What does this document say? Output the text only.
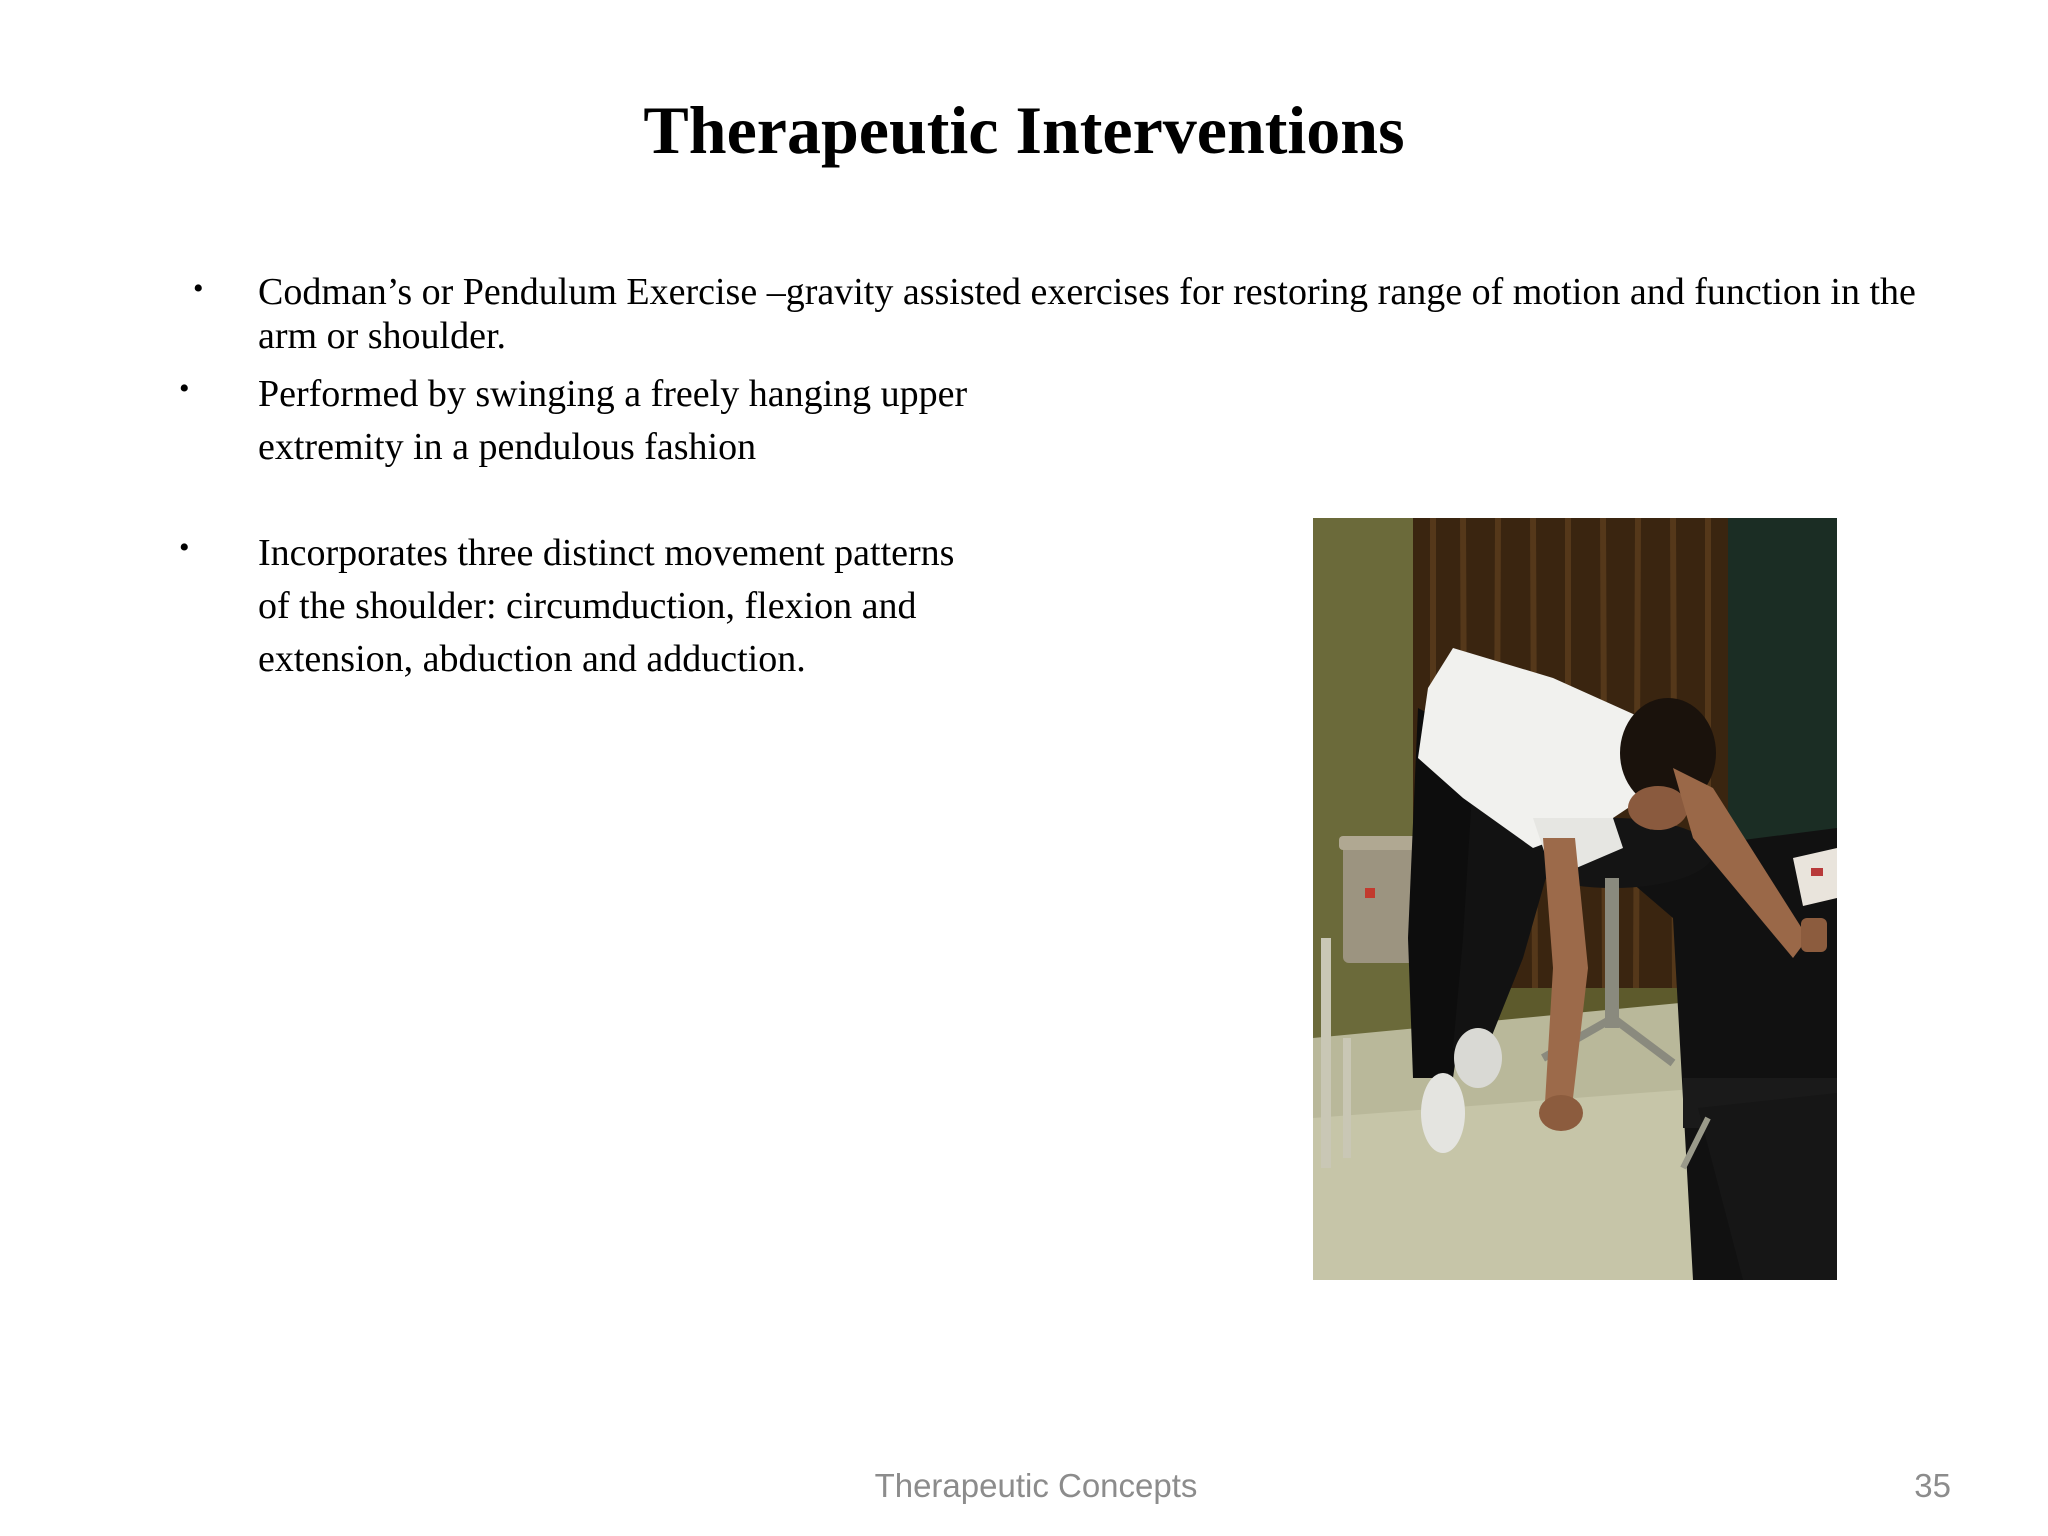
Therapeutic Interventions
• Codman’s or Pendulum Exercise –gravity assisted exercises for restoring range of motion and function in the arm or shoulder.
• Performed by swinging a freely hanging upper extremity in a pendulous fashion
• Incorporates three distinct movement patterns of the shoulder: circumduction, flexion and extension, abduction and adduction.
Therapeutic Concepts	35
